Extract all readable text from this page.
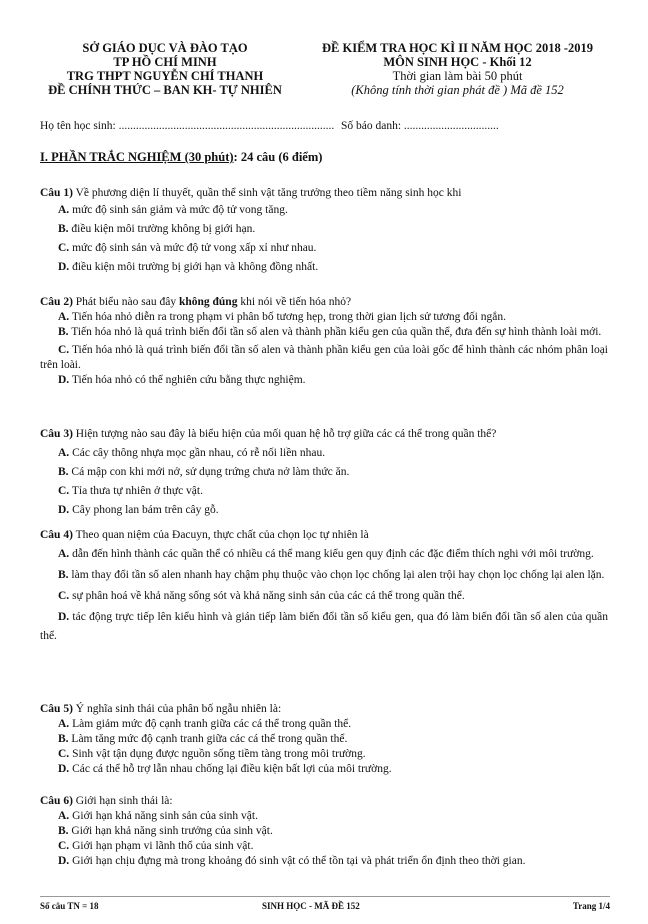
SỞ GIÁO DỤC VÀ ĐÀO TẠO
TP HỒ CHÍ MINH
TRG THPT NGUYỄN CHÍ THANH
ĐỀ CHÍNH THỨC – BAN KH- TỰ NHIÊN
ĐỀ KIỂM TRA HỌC KÌ II NĂM HỌC 2018 -2019
MÔN SINH HỌC - Khối 12
Thời gian làm bài 50 phút
(Không tính thời gian phát đề ) Mã đề 152
Họ tên học sinh: ........................................................................... Số báo danh: .................................
I. PHẦN TRẮC NGHIỆM (30 phút): 24 câu (6 điểm)
Câu 1) Về phương diện lí thuyết, quần thể sinh vật tăng trưởng theo tiềm năng sinh học khi
A. mức độ sinh sản giảm và mức độ tử vong tăng.
B. điều kiện môi trường không bị giới hạn.
C. mức độ sinh sản và mức độ tử vong xấp xỉ như nhau.
D. điều kiện môi trường bị giới hạn và không đồng nhất.
Câu 2) Phát biểu nào sau đây không đúng khi nói về tiến hóa nhỏ?
A. Tiến hóa nhỏ diễn ra trong phạm vi phân bố tương hẹp, trong thời gian lịch sử tương đối ngắn.
B. Tiến hóa nhỏ là quá trình biến đổi tần số alen và thành phần kiểu gen của quần thể, đưa đến sự hình thành loài mới.
C. Tiến hóa nhỏ là quá trình biến đổi tần số alen và thành phần kiểu gen của loài gốc để hình thành các nhóm phân loại trên loài.
D. Tiến hóa nhỏ có thể nghiên cứu bằng thực nghiệm.
Câu 3) Hiện tượng nào sau đây là biểu hiện của mối quan hệ hỗ trợ giữa các cá thể trong quần thể?
A. Các cây thông nhựa mọc gần nhau, có rễ nối liền nhau.
B. Cá mập con khi mới nở, sử dụng trứng chưa nở làm thức ăn.
C. Tỉa thưa tự nhiên ở thực vật.
D. Cây phong lan bám trên cây gỗ.
Câu 4) Theo quan niệm của Đacuyn, thực chất của chọn lọc tự nhiên là
A. dẫn đến hình thành các quần thể có nhiều cá thể mang kiểu gen quy định các đặc điểm thích nghi với môi trường.
B. làm thay đổi tần số alen nhanh hay chậm phụ thuộc vào chọn lọc chống lại alen trội hay chọn lọc chống lại alen lặn.
C. sự phân hoá về khả năng sống sót và khả năng sinh sản của các cá thể trong quần thể.
D. tác động trực tiếp lên kiểu hình và gián tiếp làm biến đổi tần số kiểu gen, qua đó làm biến đổi tần số alen của quần thể.
Câu 5) Ý nghĩa sinh thái của phân bố ngẫu nhiên là:
A. Làm giảm mức độ cạnh tranh giữa các cá thể trong quần thể.
B. Làm tăng mức độ cạnh tranh giữa các cá thể trong quần thể.
C. Sinh vật tận dụng được nguồn sống tiềm tàng trong môi trường.
D. Các cá thể hỗ trợ lẫn nhau chống lại điều kiện bất lợi của môi trường.
Câu 6) Giới hạn sinh thái là:
A. Giới hạn khả năng sinh sản của sinh vật.
B. Giới hạn khả năng sinh trưởng của sinh vật.
C. Giới hạn phạm vi lãnh thổ của sinh vật.
D. Giới hạn chịu đựng mà trong khoảng đó sinh vật có thể tồn tại và phát triển ổn định theo thời gian.
Số câu TN = 18	SINH HỌC - MÃ ĐỀ 152	Trang 1/4
